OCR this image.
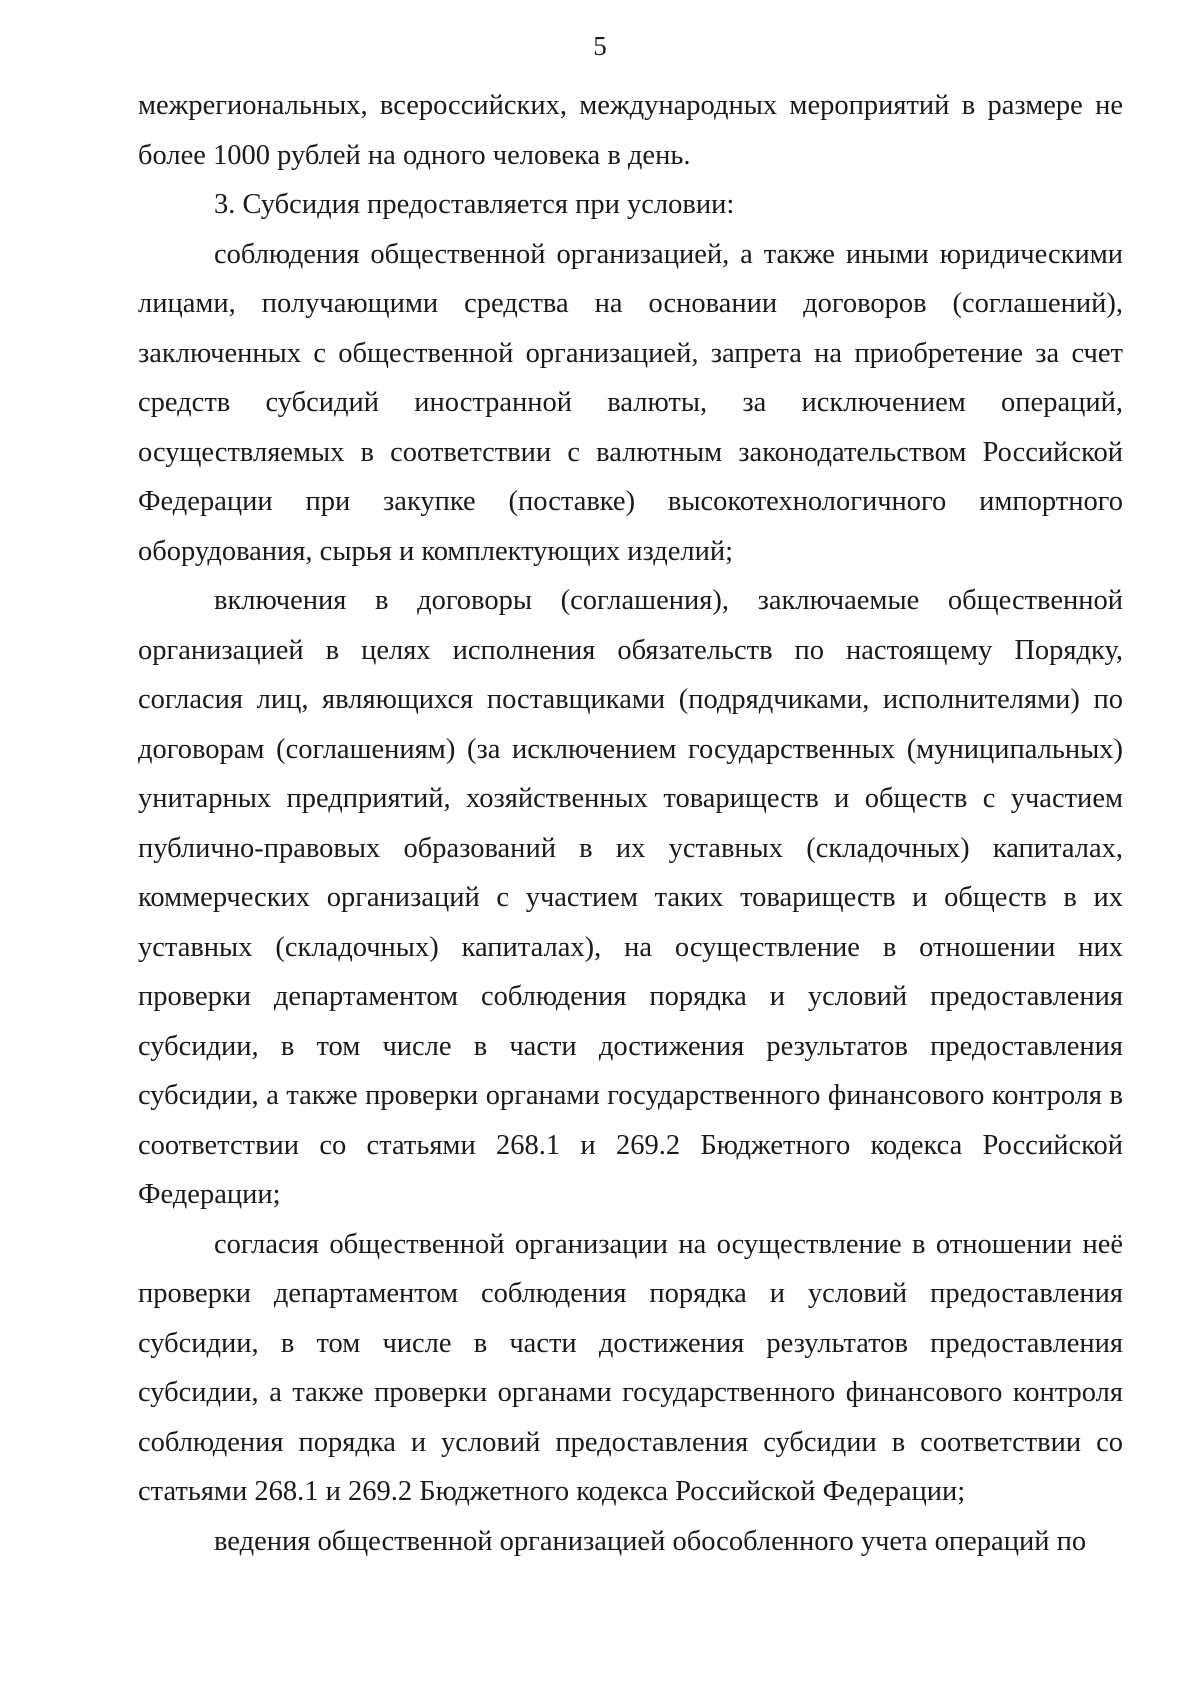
5

межрегиональных, всероссийских, международных мероприятий в размере не более 1000 рублей на одного человека в день.

3. Субсидия предоставляется при условии:

соблюдения общественной организацией, а также иными юридическими лицами, получающими средства на основании договоров (соглашений), заключенных с общественной организацией, запрета на приобретение за счет средств субсидий иностранной валюты, за исключением операций, осуществляемых в соответствии с валютным законодательством Российской Федерации при закупке (поставке) высокотехнологичного импортного оборудования, сырья и комплектующих изделий;

включения в договоры (соглашения), заключаемые общественной организацией в целях исполнения обязательств по настоящему Порядку, согласия лиц, являющихся поставщиками (подрядчиками, исполнителями) по договорам (соглашениям) (за исключением государственных (муниципальных) унитарных предприятий, хозяйственных товариществ и обществ с участием публично-правовых образований в их уставных (складочных) капиталах, коммерческих организаций с участием таких товариществ и обществ в их уставных (складочных) капиталах), на осуществление в отношении них проверки департаментом соблюдения порядка и условий предоставления субсидии, в том числе в части достижения результатов предоставления субсидии, а также проверки органами государственного финансового контроля в соответствии со статьями 268.1 и 269.2 Бюджетного кодекса Российской Федерации;

согласия общественной организации на осуществление в отношении неё проверки департаментом соблюдения порядка и условий предоставления субсидии, в том числе в части достижения результатов предоставления субсидии, а также проверки органами государственного финансового контроля соблюдения порядка и условий предоставления субсидии в соответствии со статьями 268.1 и 269.2 Бюджетного кодекса Российской Федерации;

ведения общественной организацией обособленного учета операций по
